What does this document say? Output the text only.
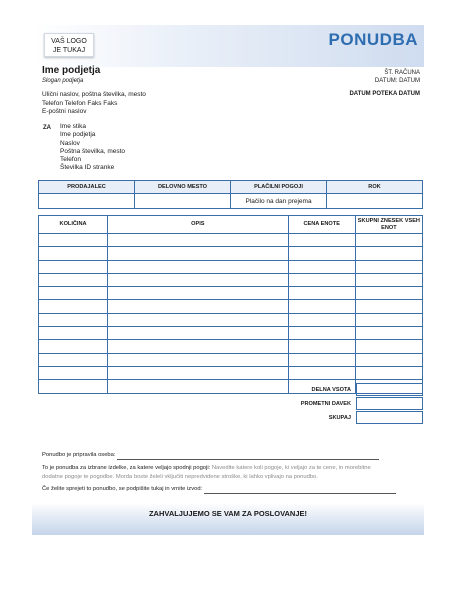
VAŠ LOGO
JE TUKAJ
PONUDBA
Ime podjetja
Slogan podjetja
ŠT. RAČUNA
DATUM: DATUM
Ulični naslov, poštna številka, mesto
Telefon Telefon Faks Faks
E-poštni naslov
DATUM POTEKA DATUM
ZA Ime stika
Ime podjetja
Naslov
Poštna številka, mesto
Telefon
Številka ID stranke
PRODAJALEC	DELOVNO MESTO	PLAČILNI POGOJI	ROK
		Plačilo na dan prejema	
KOLIČINA	OPIS	CENA ENOTE	SKUPNI ZNESEK VSEH ENOT

DELNA VSOTA
PROMETNI DAVEK
SKUPAJ
Ponudbo je pripravila oseba:
To je ponudba za izbrane izdelke, za katere veljajo spodnji pogoji: Navedite katere koli pogoje, ki veljajo za te cene, in morebitne
dodatne pogoje te pogodbe. Morda boste želeli vključiti nepredvidene stroške, ki lahko vplivajo na ponudbo.
Če želite sprejeti to ponudbo, se podpišite tukaj in vrnite izvod:
ZAHVALJUJEMO SE VAM ZA POSLOVANJE!
